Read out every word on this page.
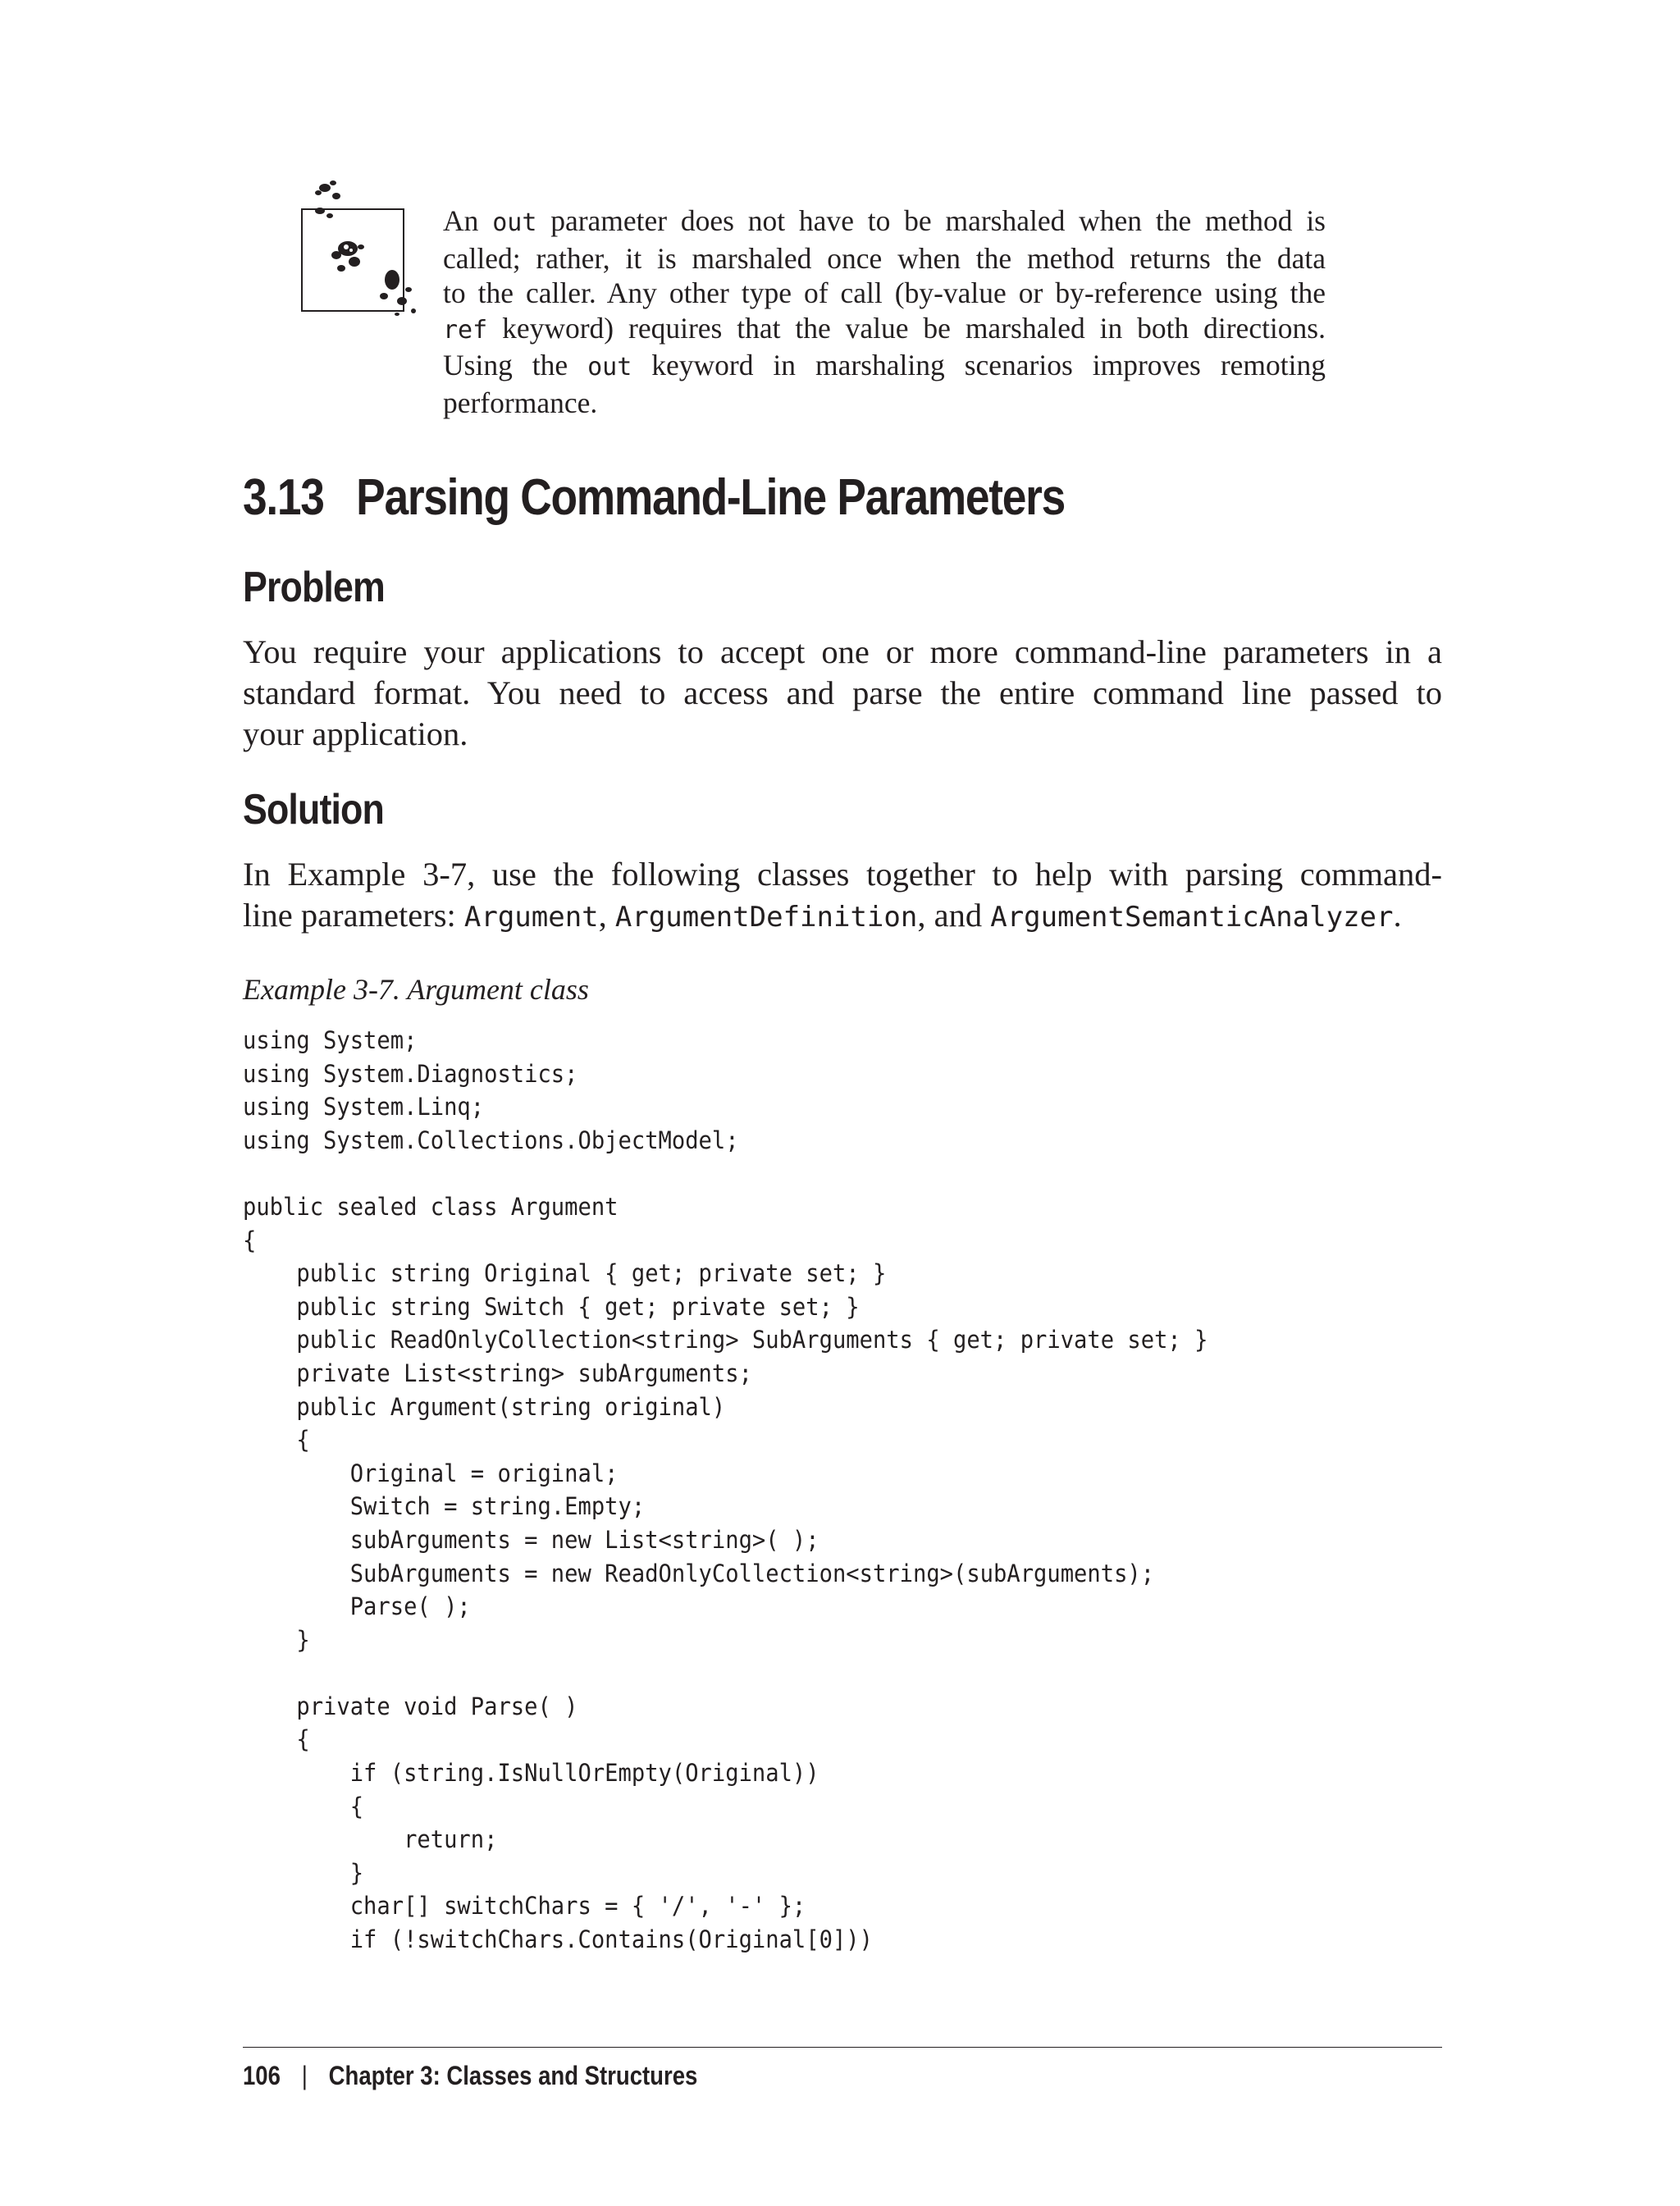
An out parameter does not have to be marshaled when the method is
called; rather, it is marshaled once when the method returns the data
to the caller. Any other type of call (by-value or by-reference using the
ref keyword) requires that the value be marshaled in both directions.
Using the out keyword in marshaling scenarios improves remoting
performance.

3.13 Parsing Command-Line Parameters
Problem

You require your applications to accept one or more command-line parameters in a
standard format. You need to access and parse the entire command line passed to
your application.

Solution

In Example 3-7, use the following classes together to help with parsing command-
line parameters: Argument, ArgumentDefinition, and ArgumentSemanticAnalyzer.

Example 3-7. Argument class

using System;
using System.Diagnostics;
using System.Linq;
using System.Collections.ObjectModel;
public sealed class Argument
{
public string Original { get; private set; }
public string Switch { get; private set; }
public ReadOnlyCollection<string> SubArguments { get; private set; }
private List<string> subArguments;
public Argument(string original)
{
Original = original;
Switch = string.Empty;
subArguments = new List<string>( );
SubArguments = new ReadOnlyCollection<string>(subArguments);
Parse( );
}
private void Parse( )
{
if (string.IsNullOrEmpty(Original))
{
return;
}
char[] switchChars = { '/', '-' };
if (!switchChars.Contains(Original[0]))
106 | Chapter 3: Classes and Structures
